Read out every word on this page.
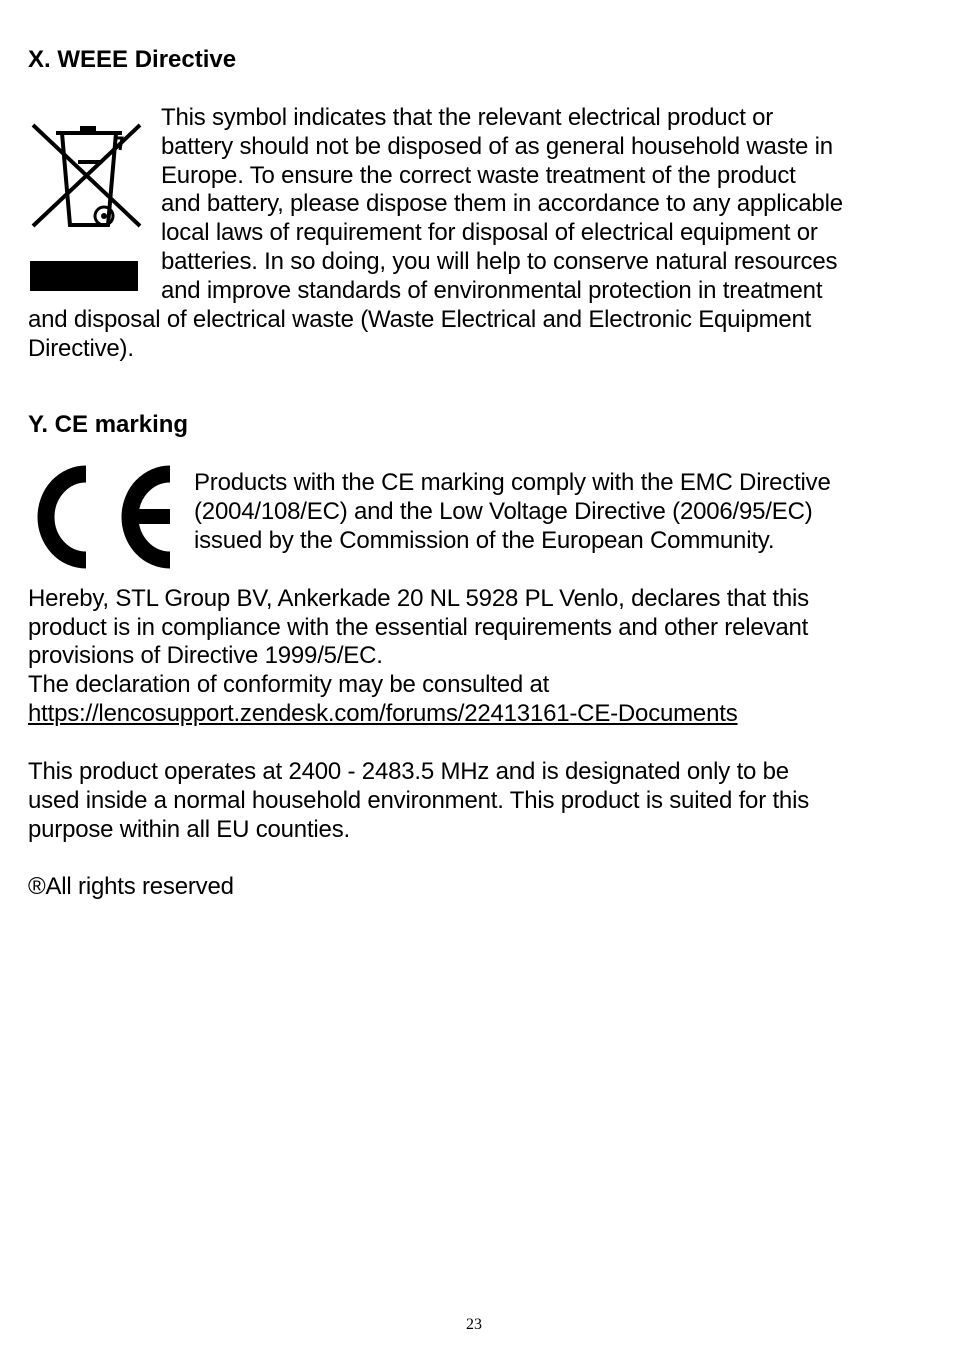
X. WEEE Directive
This symbol indicates that the relevant electrical product or
battery should not be disposed of as general household waste in
Europe. To ensure the correct waste treatment of the product
and battery, please dispose them in accordance to any applicable
local laws of requirement for disposal of electrical equipment or
batteries. In so doing, you will help to conserve natural resources
and improve standards of environmental protection in treatment
and disposal of electrical waste (Waste Electrical and Electronic Equipment
Directive).
Y. CE marking
Products with the CE marking comply with the EMC Directive
(2004/108/EC) and the Low Voltage Directive (2006/95/EC)
issued by the Commission of the European Community.
Hereby, STL Group BV, Ankerkade 20 NL 5928 PL Venlo, declares that this
product is in compliance with the essential requirements and other relevant
provisions of Directive 1999/5/EC.
The declaration of conformity may be consulted at
https://lencosupport.zendesk.com/forums/22413161-CE-Documents
This product operates at 2400 - 2483.5 MHz and is designated only to be
used inside a normal household environment. This product is suited for this
purpose within all EU counties.
®All rights reserved
23
